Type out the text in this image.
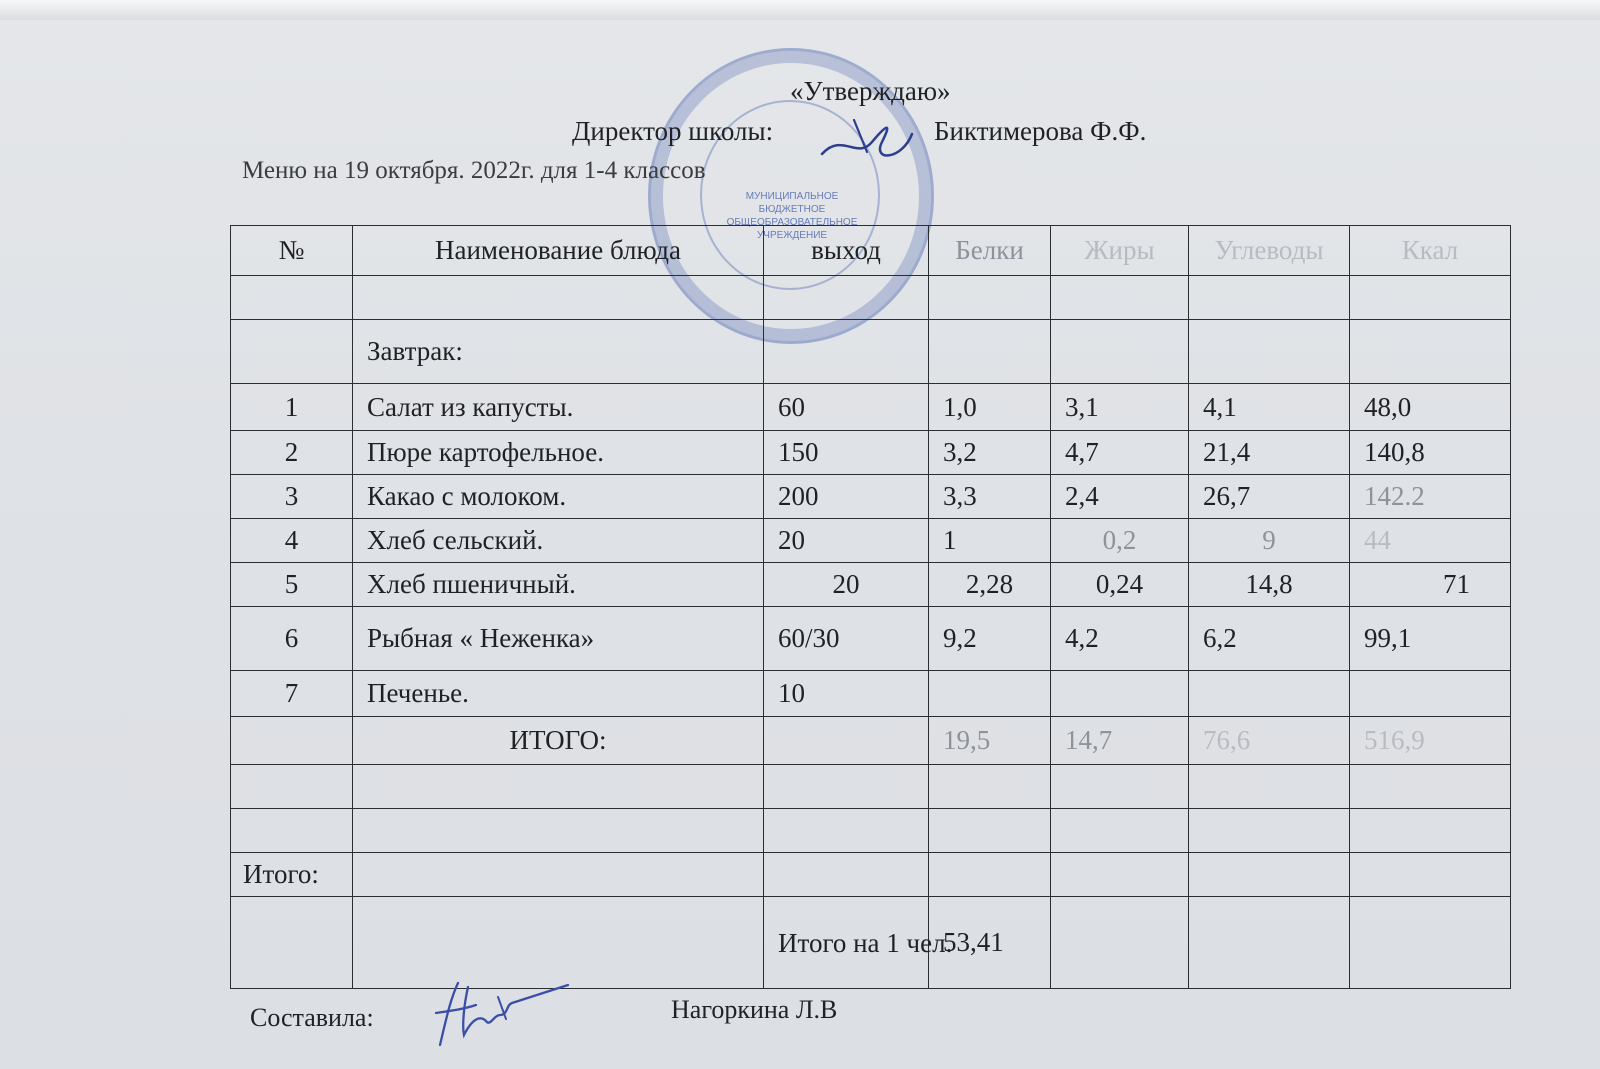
МУНИЦИПАЛЬНОЕ БЮДЖЕТНОЕ ОБЩЕОБРАЗОВАТЕЛЬНОЕ УЧРЕЖДЕНИЕ
«Утверждаю»
Директор школы:	Биктимерова Ф.Ф.
Меню на 19 октября. 2022г. для 1-4 классов
№	Наименование блюда	выход	Белки	Жиры	Углеводы	Ккал

	Завтрак:					
1	Салат из капусты.	60	1,0	3,1	4,1	48,0
2	Пюре картофельное.	150	3,2	4,7	21,4	140,8
3	Какао с молоком.	200	3,3	2,4	26,7	142.2
4	Хлеб сельский.	20	1	0,2	9	44
5	Хлеб пшеничный.	20	2,28	0,24	14,8	71
6	Рыбная « Неженка»	60/30	9,2	4,2	6,2	99,1
7	Печенье.	10				
	ИТОГО:		19,5	14,7	76,6	516,9

Итого:						
		Итого на 1 чел.	53,41			
Составила:	Нагоркина Л.В
